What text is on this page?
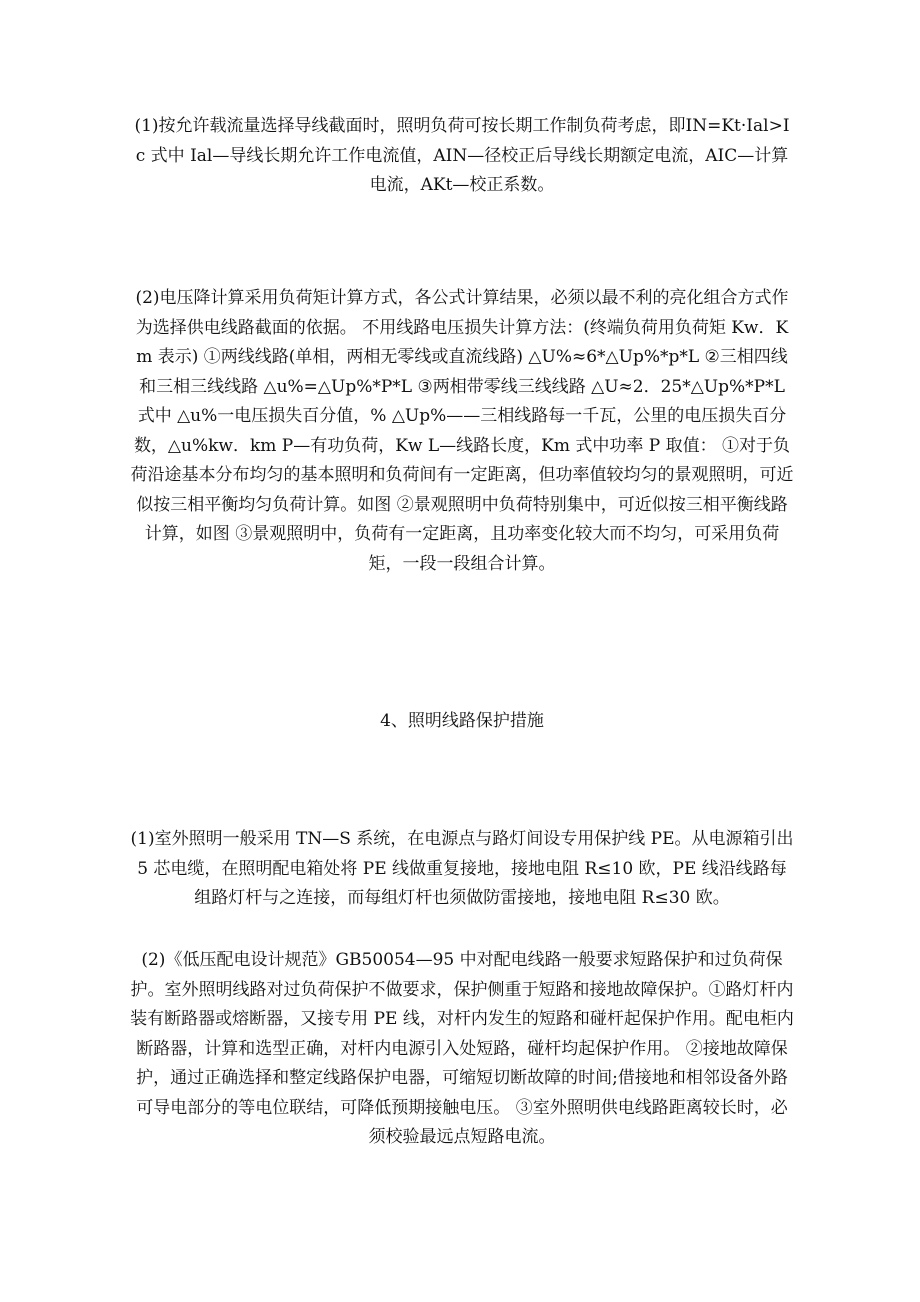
(1)按允许载流量选择导线截面时，照明负荷可按长期工作制负荷考虑，即IN=Kt·Ial>Ic 式中 Ial—导线长期允许工作电流值，AIN—径校正后导线长期额定电流，AIC—计算电流，AKt—校正系数。

(2)电压降计算采用负荷矩计算方式，各公式计算结果，必须以最不利的亮化组合方式作为选择供电线路截面的依据。 不用线路电压损失计算方法：(终端负荷用负荷矩 Kw．Km 表示) ①两线线路(单相，两相无零线或直流线路) △U%≈6*△Up%*p*L ②三相四线和三相三线线路 △u%=△Up%*P*L ③两相带零线三线线路 △U≈2．25*△Up%*P*L 式中 △u%一电压损失百分值，% △Up%——三相线路每一千瓦，公里的电压损失百分数，△u%kw．km P—有功负荷，Kw L—线路长度，Km 式中功率 P 取值： ①对于负荷沿途基本分布均匀的基本照明和负荷间有一定距离，但功率值较均匀的景观照明，可近似按三相平衡均匀负荷计算。如图 ②景观照明中负荷特别集中，可近似按三相平衡线路计算，如图 ③景观照明中，负荷有一定距离，且功率变化较大而不均匀，可采用负荷矩，一段一段组合计算。

4、照明线路保护措施

(1)室外照明一般采用 TN—S 系统，在电源点与路灯间设专用保护线 PE。从电源箱引出 5 芯电缆，在照明配电箱处将 PE 线做重复接地，接地电阻 R≤10 欧，PE 线沿线路每组路灯杆与之连接，而每组灯杆也须做防雷接地，接地电阻 R≤30 欧。

(2)《低压配电设计规范》GB50054—95 中对配电线路一般要求短路保护和过负荷保护。室外照明线路对过负荷保护不做要求，保护侧重于短路和接地故障保护。①路灯杆内装有断路器或熔断器，又接专用 PE 线，对杆内发生的短路和碰杆起保护作用。配电柜内断路器，计算和选型正确，对杆内电源引入处短路，碰杆均起保护作用。 ②接地故障保护，通过正确选择和整定线路保护电器，可缩短切断故障的时间;借接地和相邻设备外路可导电部分的等电位联结，可降低预期接触电压。 ③室外照明供电线路距离较长时，必须校验最远点短路电流。
